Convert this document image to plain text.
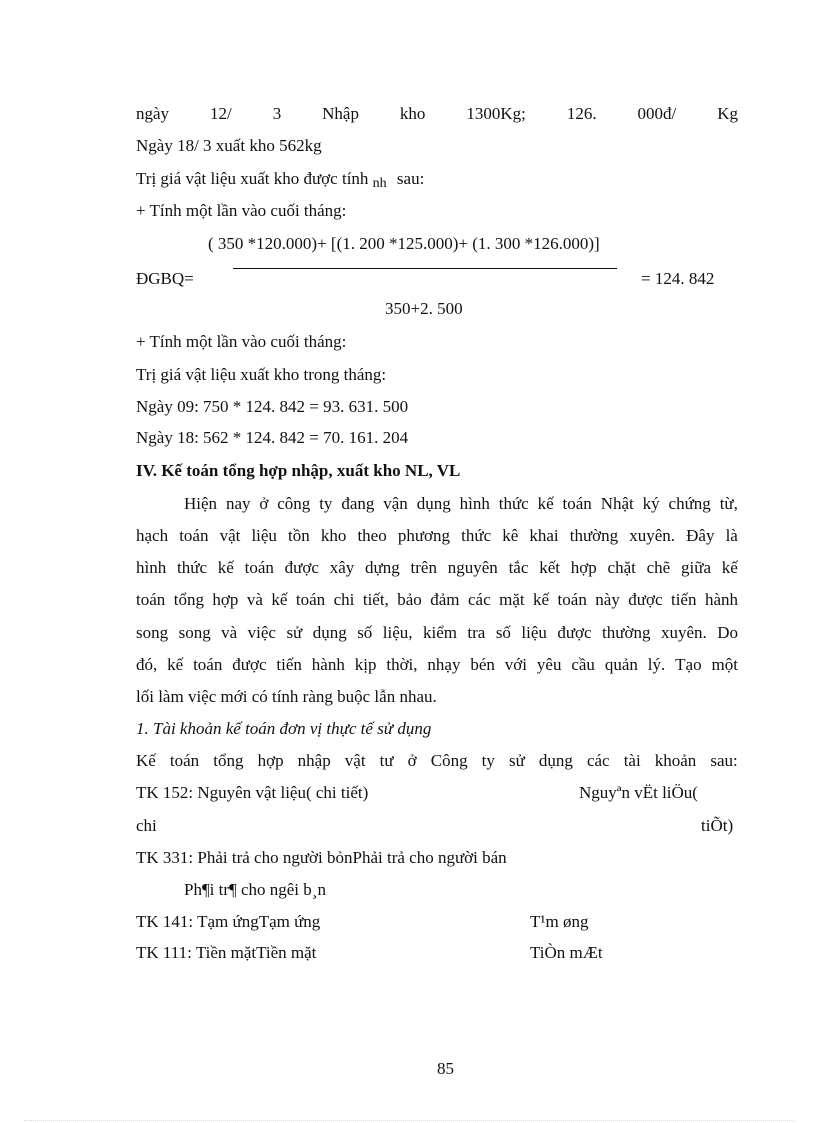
ngày 12/ 3 Nhập kho 1300Kg; 126. 000đ/ Kg
Ngày 18/ 3 xuất kho 562kg
Trị giá vật liệu xuất kho được tính nh sau:
+ Tính một lần vào cuối tháng:
( 350 *120.000)+ [(1. 200 *125.000)+ (1. 300 *126.000)]
ĐGBQ=	= 124. 842
350+2. 500
+ Tính một lần vào cuối tháng:
Trị giá vật liệu xuất kho trong tháng:
Ngày 09: 750 * 124. 842 = 93. 631. 500
Ngày 18: 562 * 124. 842 = 70. 161. 204
IV. Kế toán tổng hợp nhập, xuất kho NL, VL
Hiện nay ở công ty đang vận dụng hình thức kế toán Nhật ký chứng từ,
hạch toán vật liệu tồn kho theo phương thức kê khai thường xuyên. Đây là
hình thức kế toán được xây dựng trên nguyên tắc kết hợp chặt chẽ giữa kế
toán tổng hợp và kế toán chi tiết, bảo đảm các mặt kế toán này được tiến hành
song song và việc sử dụng số liệu, kiểm tra số liệu được thường xuyên. Do
đó, kế toán được tiến hành kịp thời, nhạy bén với yêu cầu quản lý. Tạo một
lối làm việc mới có tính ràng buộc lẫn nhau.
1. Tài khoản kế toán đơn vị thực tế sử dụng
Kế toán tổng hợp nhập vật tư ở Công ty sử dụng các tài khoản sau:
TK 152: Nguyên vật liệu( chi tiết)	Nguyªn vËt liÖu(
chi	tiÕt)
TK 331: Phải trả cho người bỏnPhải trả cho người bán
Ph¶i tr¶ cho ngêi b¸n
TK 141: Tạm ứngTạm ứng	T¹m øng
TK 111: Tiền mặtTiền mặt	TiÒn mÆt
85
